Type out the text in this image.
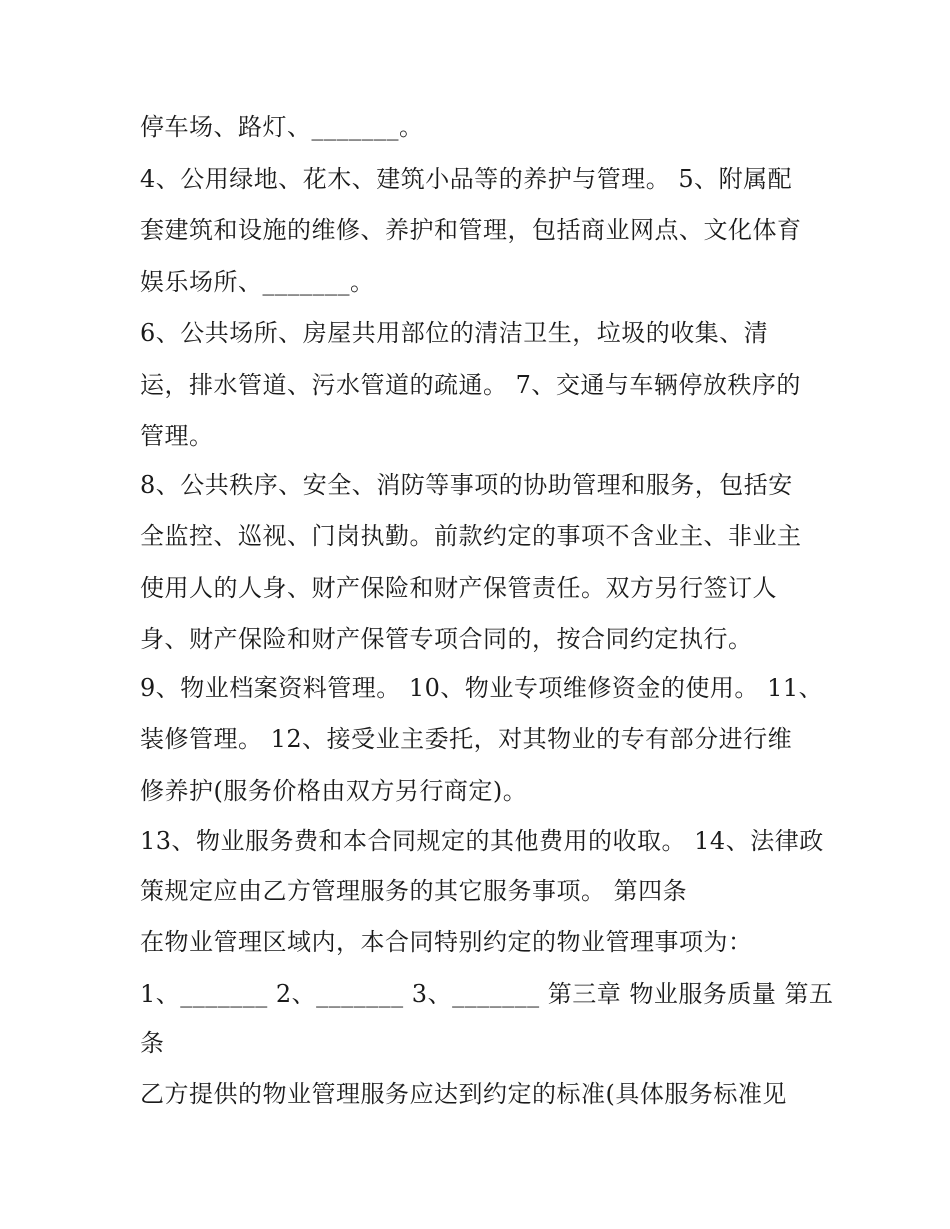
停车场、路灯、_______。

4、公用绿地、花木、建筑小品等的养护与管理。 5、附属配

套建筑和设施的维修、养护和管理，包括商业网点、文化体育

娱乐场所、_______。

6、公共场所、房屋共用部位的清洁卫生，垃圾的收集、清

运，排水管道、污水管道的疏通。 7、交通与车辆停放秩序的

管理。

8、公共秩序、安全、消防等事项的协助管理和服务，包括安

全监控、巡视、门岗执勤。前款约定的事项不含业主、非业主

使用人的人身、财产保险和财产保管责任。双方另行签订人

身、财产保险和财产保管专项合同的，按合同约定执行。

9、物业档案资料管理。 10、物业专项维修资金的使用。 11、

装修管理。 12、接受业主委托，对其物业的专有部分进行维

修养护(服务价格由双方另行商定)。

13、物业服务费和本合同规定的其他费用的收取。 14、法律政

策规定应由乙方管理服务的其它服务事项。 第四条

在物业管理区域内，本合同特别约定的物业管理事项为：

1、_______ 2、_______ 3、_______ 第三章 物业服务质量 第五

条

乙方提供的物业管理服务应达到约定的标准(具体服务标准见
